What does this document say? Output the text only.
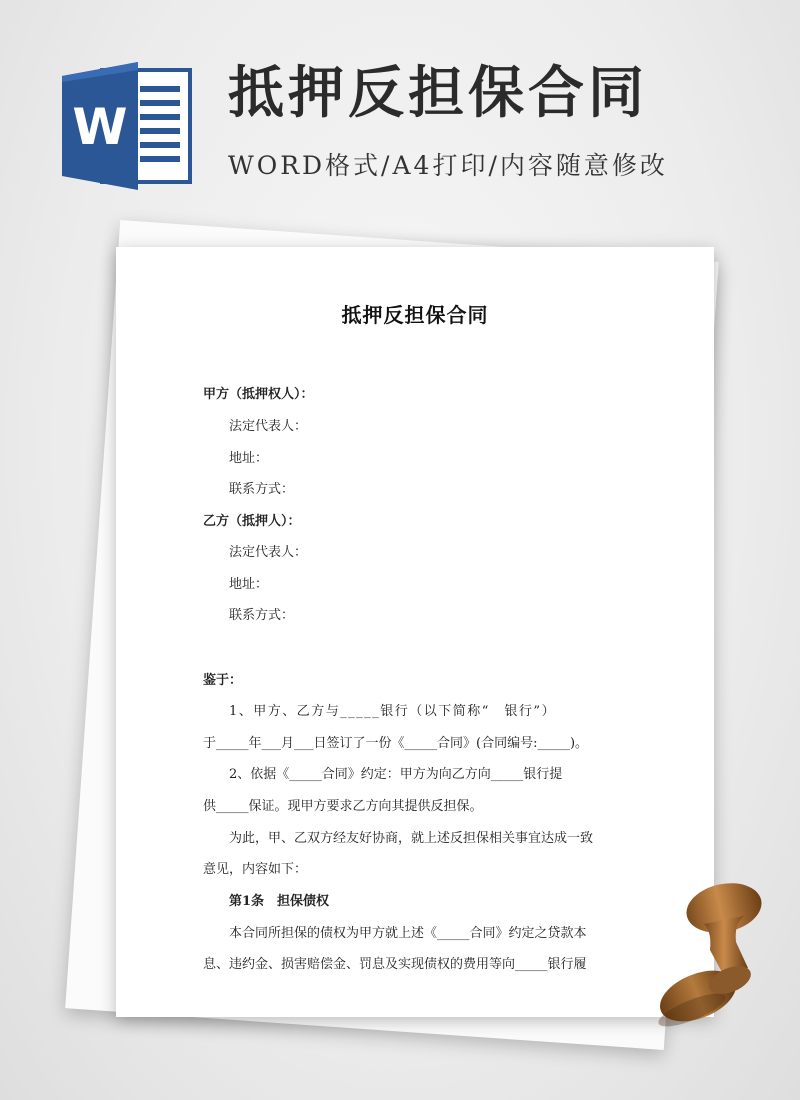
W
抵押反担保合同
WORD格式/A4打印/内容随意修改
抵押反担保合同
甲方（抵押权人）：
法定代表人：
地址：
联系方式：
乙方（抵押人）：
法定代表人：
地址：
联系方式：
鉴于：
1、甲方、乙方与_____银行（以下简称“　银行”）
于_____年___月___日签订了一份《_____合同》(合同编号:_____)。
2、依据《_____合同》约定：甲方为向乙方向_____银行提
供_____保证。现甲方要求乙方向其提供反担保。
为此，甲、乙双方经友好协商，就上述反担保相关事宜达成一致
意见，内容如下：
第1条　担保债权
本合同所担保的债权为甲方就上述《_____合同》约定之贷款本
息、违约金、损害赔偿金、罚息及实现债权的费用等向_____银行履
